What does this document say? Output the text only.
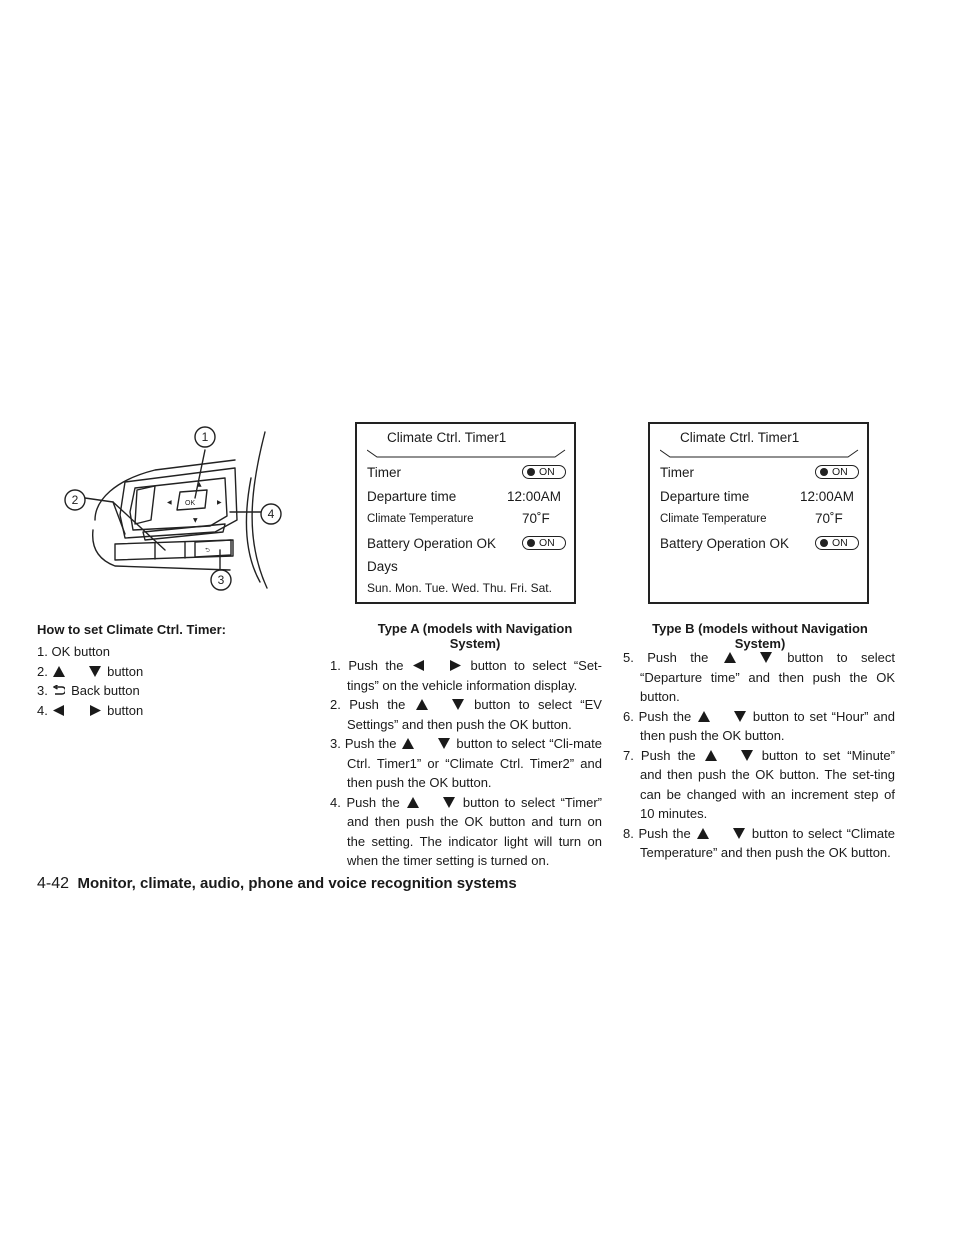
▲
▼
◀	▶
⮌
OK
1
2
3
4
How to set Climate Ctrl. Timer:
1. OK button
2.	button
3. Back button
4.	button
Climate Ctrl. Timer1
Timer	ON
Departure time	12:00AM
Climate Temperature	70˚F
Battery Operation OK	ON
Days
Sun. Mon. Tue. Wed. Thu. Fri. Sat.
Type A (models with Navigation
System)
Climate Ctrl. Timer1
Timer	ON
Departure time	12:00AM
Climate Temperature	70˚F
Battery Operation OK	ON
Type B (models without Navigation
System)
1. Push the	button to select “Set-tings” on the vehicle information display.
2. Push the	button to select “EV Settings” and then push the OK button.
3. Push the	button to select “Cli-mate Ctrl. Timer1” or “Climate Ctrl. Timer2” and then push the OK button.
4. Push the	button to select “Timer” and then push the OK button and turn on the setting. The indicator light will turn on when the timer setting is turned on.
5. Push the	button to select “Departure time” and then push the OK button.
6. Push the	button to set “Hour” and then push the OK button.
7. Push the	button to set “Minute” and then push the OK button. The set-ting can be changed with an increment step of 10 minutes.
8. Push the	button to select “Climate Temperature” and then push the OK button.
4-42 Monitor, climate, audio, phone and voice recognition systems
